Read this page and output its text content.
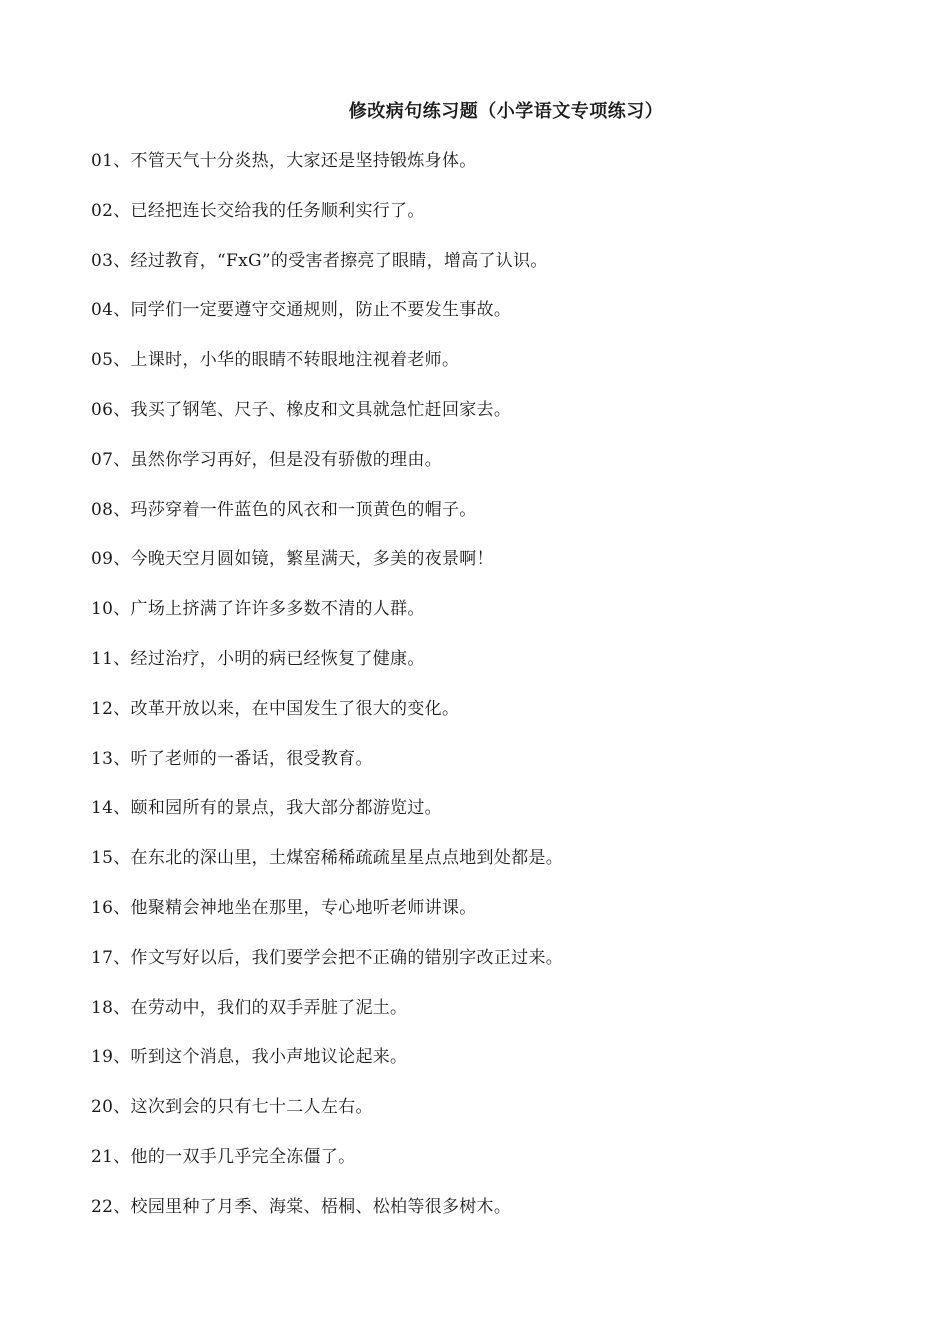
修改病句练习题（小学语文专项练习）
01、不管天气十分炎热，大家还是坚持锻炼身体。
02、已经把连长交给我的任务顺利实行了。
03、经过教育，“FxG”的受害者擦亮了眼睛，增高了认识。
04、同学们一定要遵守交通规则，防止不要发生事故。
05、上课时，小华的眼睛不转眼地注视着老师。
06、我买了钢笔、尺子、橡皮和文具就急忙赶回家去。
07、虽然你学习再好，但是没有骄傲的理由。
08、玛莎穿着一件蓝色的风衣和一顶黄色的帽子。
09、今晚天空月圆如镜，繁星满天，多美的夜景啊！
10、广场上挤满了许许多多数不清的人群。
11、经过治疗，小明的病已经恢复了健康。
12、改革开放以来，在中国发生了很大的变化。
13、听了老师的一番话，很受教育。
14、颐和园所有的景点，我大部分都游览过。
15、在东北的深山里，土煤窑稀稀疏疏星星点点地到处都是。
16、他聚精会神地坐在那里，专心地听老师讲课。
17、作文写好以后，我们要学会把不正确的错别字改正过来。
18、在劳动中，我们的双手弄脏了泥土。
19、听到这个消息，我小声地议论起来。
20、这次到会的只有七十二人左右。
21、他的一双手几乎完全冻僵了。
22、校园里种了月季、海棠、梧桐、松柏等很多树木。
